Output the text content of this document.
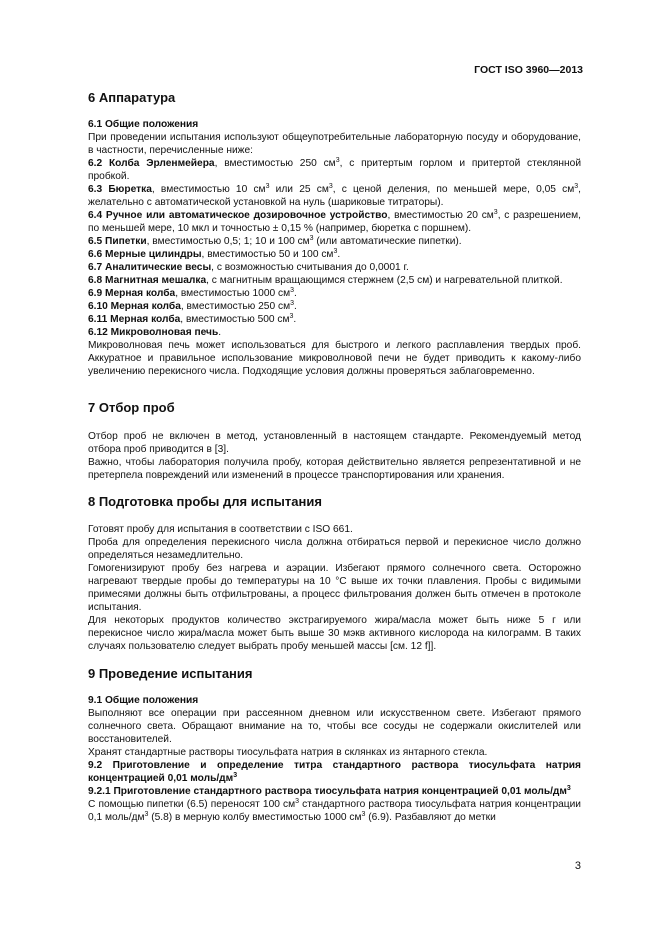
ГОСТ ISO 3960—2013
6 Аппаратура
6.1 Общие положения

При проведении испытания используют общеупотребительные лабораторную посуду и оборудование, в частности, перечисленные ниже:

6.2 Колба Эрленмейера, вместимостью 250 $см^3$, с притертым горлом и притертой стеклянной пробкой.

6.3 Бюретка, вместимостью 10 $см^3$ или 25 $см^3$, с ценой деления, по меньшей мере, 0,05 $см^3$, желательно с автоматической установкой на нуль (шариковые титраторы).

6.4 Ручное или автоматическое дозировочное устройство, вместимостью 20 $см^3$, с разрешением, по меньшей мере, 10 мкл и точностью ± 0,15 % (например, бюретка с поршнем).

6.5 Пипетки, вместимостью 0,5; 1; 10 и 100 $см^3$ (или автоматические пипетки).

6.6 Мерные цилиндры, вместимостью 50 и 100 $см^3$.

6.7 Аналитические весы, с возможностью считывания до 0,0001 г.

6.8 Магнитная мешалка, с магнитным вращающимся стержнем (2,5 см) и нагревательной плиткой.

6.9 Мерная колба, вместимостью 1000 $см^3$.

6.10 Мерная колба, вместимостью 250 $см^3$.

6.11 Мерная колба, вместимостью 500 $см^3$.

6.12 Микроволновая печь.

Микроволновая печь может использоваться для быстрого и легкого расплавления твердых проб. Аккуратное и правильное использование микроволновой печи не будет приводить к какому-либо увеличению перекисного числа. Подходящие условия должны проверяться заблаговременно.

7 Отбор проб

Отбор проб не включен в метод, установленный в настоящем стандарте. Рекомендуемый метод отбора проб приводится в [3].

Важно, чтобы лаборатория получила пробу, которая действительно является репрезентативной и не претерпела повреждений или изменений в процессе транспортирования или хранения.

8 Подготовка пробы для испытания

Готовят пробу для испытания в соответствии с ISO 661.

Проба для определения перекисного числа должна отбираться первой и перекисное число должно определяться незамедлительно.

Гомогенизируют пробу без нагрева и аэрации. Избегают прямого солнечного света. Осторожно нагревают твердые пробы до температуры на 10 °С выше их точки плавления. Пробы с видимыми примесями должны быть отфильтрованы, а процесс фильтрования должен быть отмечен в протоколе испытания.

Для некоторых продуктов количество экстрагируемого жира/масла может быть ниже 5 г или перекисное число жира/масла может быть выше 30 мэкв активного кислорода на килограмм. В таких случаях пользователю следует выбрать пробу меньшей массы [см. 12 f]].

9 Проведение испытания
9.1 Общие положения

Выполняют все операции при рассеянном дневном или искусственном свете. Избегают прямого солнечного света. Обращают внимание на то, чтобы все сосуды не содержали окислителей или восстановителей.

Хранят стандартные растворы тиосульфата натрия в склянках из янтарного стекла.

9.2 Приготовление и определение титра стандартного раствора тиосульфата натрия концентрацией 0,01 моль/$дм^3$

9.2.1 Приготовление стандартного раствора тиосульфата натрия концентрацией 0,01 моль/$дм^3$

С помощью пипетки (6.5) переносят 100 $см^3$ стандартного раствора тиосульфата натрия концентрации 0,1 моль/$дм^3$ (5.8) в мерную колбу вместимостью 1000 $см^3$ (6.9). Разбавляют до метки

3
